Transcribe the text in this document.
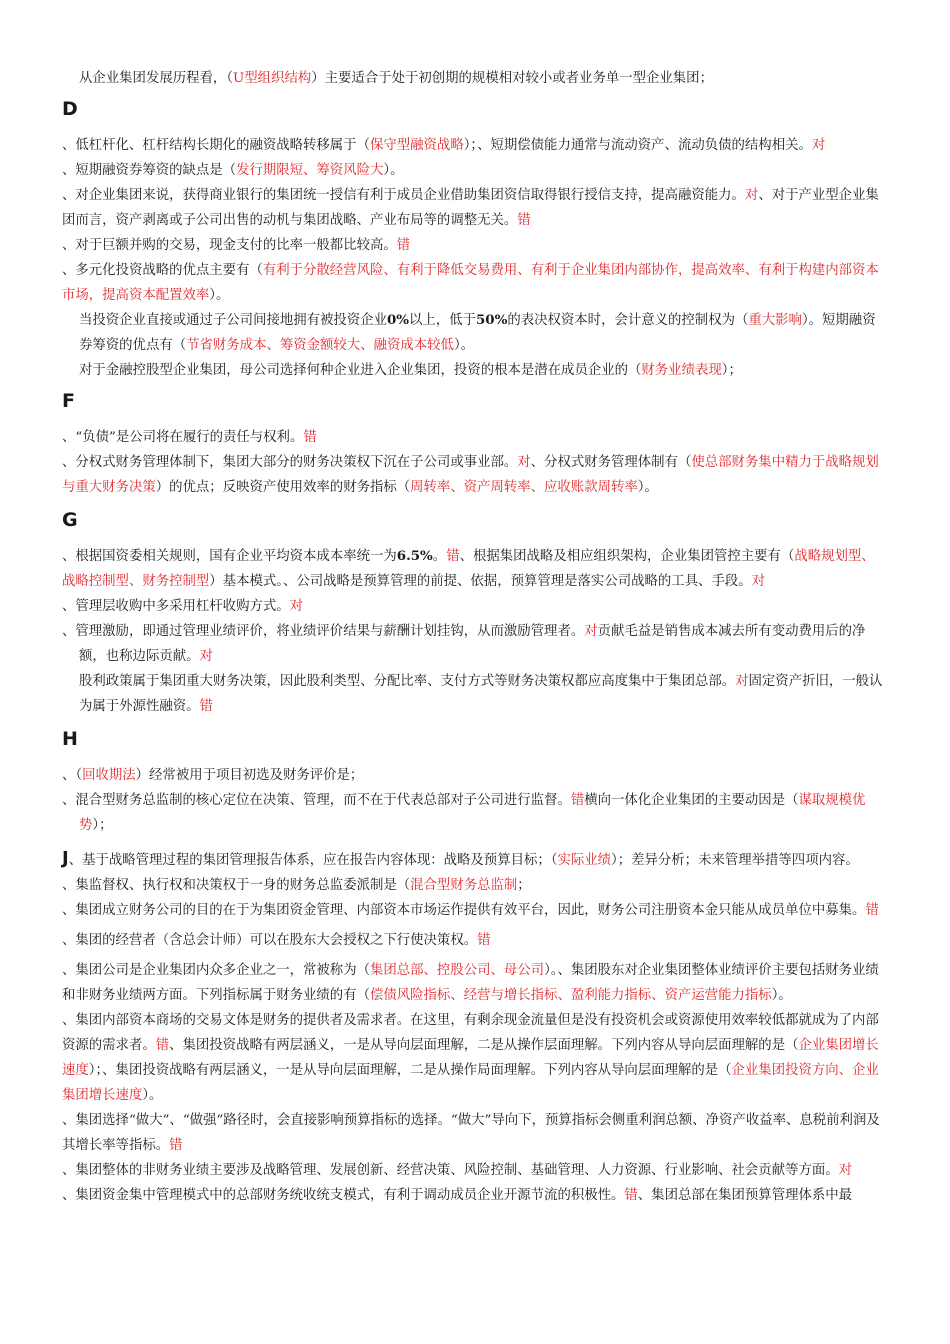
从企业集团发展历程看，（U型组织结构）主要适合于处于初创期的规模相对较小或者业务单一型企业集团；

D

、低杠杆化、杠杆结构长期化的融资战略转移属于（保守型融资战略）；、短期偿债能力通常与流动资产、流动负债的结构相关。对

、短期融资券筹资的缺点是（发行期限短、筹资风险大）。

、对企业集团来说，获得商业银行的集团统一授信有利于成员企业借助集团资信取得银行授信支持，提高融资能力。对、对于产业型企业集团而言，资产剥离或子公司出售的动机与集团战略、产业布局等的调整无关。错

、对于巨额并购的交易，现金支付的比率一般都比较高。错

、多元化投资战略的优点主要有（有利于分散经营风险、有利于降低交易费用、有利于企业集团内部协作，提高效率、有利于构建内部资本市场，提高资本配置效率）。

当投资企业直接或通过子公司间接地拥有被投资企业0%以上，低于50%的表决权资本时，会计意义的控制权为（重大影响）。短期融资券筹资的优点有（节省财务成本、筹资金额较大、融资成本较低）。

对于金融控股型企业集团，母公司选择何种企业进入企业集团，投资的根本是潜在成员企业的（财务业绩表现）；

F

、“负债”是公司将在履行的责任与权利。错

、分权式财务管理体制下，集团大部分的财务决策权下沉在子公司或事业部。对、分权式财务管理体制有（使总部财务集中精力于战略规划与重大财务决策）的优点；反映资产使用效率的财务指标（周转率、资产周转率、应收账款周转率）。

G

、根据国资委相关规则，国有企业平均资本成本率统一为6.5%。错、根据集团战略及相应组织架构，企业集团管控主要有（战略规划型、战略控制型、财务控制型）基本模式。、公司战略是预算管理的前提、依据，预算管理是落实公司战略的工具、手段。对

、管理层收购中多采用杠杆收购方式。对

、管理激励，即通过管理业绩评价，将业绩评价结果与薪酬计划挂钩，从而激励管理者。对贡献毛益是销售成本减去所有变动费用后的净额，也称边际贡献。对

股利政策属于集团重大财务决策，因此股利类型、分配比率、支付方式等财务决策权都应高度集中于集团总部。对固定资产折旧，一般认为属于外源性融资。错

H

、（回收期法）经常被用于项目初选及财务评价是；

、混合型财务总监制的核心定位在决策、管理，而不在于代表总部对子公司进行监督。错横向一体化企业集团的主要动因是（谋取规模优势）；

J、基于战略管理过程的集团管理报告体系，应在报告内容体现：战略及预算目标；（实际业绩）；差异分析；未来管理举措等四项内容。

、集监督权、执行权和决策权于一身的财务总监委派制是（混合型财务总监制；

、集团成立财务公司的目的在于为集团资金管理、内部资本市场运作提供有效平台，因此，财务公司注册资本金只能从成员单位中募集。错

、集团的经营者（含总会计师）可以在股东大会授权之下行使决策权。错

、集团公司是企业集团内众多企业之一，常被称为（集团总部、控股公司、母公司）。、集团股东对企业集团整体业绩评价主要包括财务业绩和非财务业绩两方面。下列指标属于财务业绩的有（偿债风险指标、经营与增长指标、盈利能力指标、资产运营能力指标）。

、集团内部资本商场的交易文体是财务的提供者及需求者。在这里，有剩余现金流量但是没有投资机会或资源使用效率较低都就成为了内部资源的需求者。错、集团投资战略有两层涵义，一是从导向层面理解，二是从操作层面理解。下列内容从导向层面理解的是（企业集团增长速度）；、集团投资战略有两层涵义，一是从导向层面理解，二是从操作局面理解。下列内容从导向层面理解的是（企业集团投资方向、企业集团增长速度）。

、集团选择“做大”、“做强”路径时，会直接影响预算指标的选择。“做大”导向下，预算指标会侧重利润总额、净资产收益率、息税前利润及其增长率等指标。错

、集团整体的非财务业绩主要涉及战略管理、发展创新、经营决策、风险控制、基础管理、人力资源、行业影响、社会贡献等方面。对

、集团资金集中管理模式中的总部财务统收统支模式，有利于调动成员企业开源节流的积极性。错、集团总部在集团预算管理体系中最
